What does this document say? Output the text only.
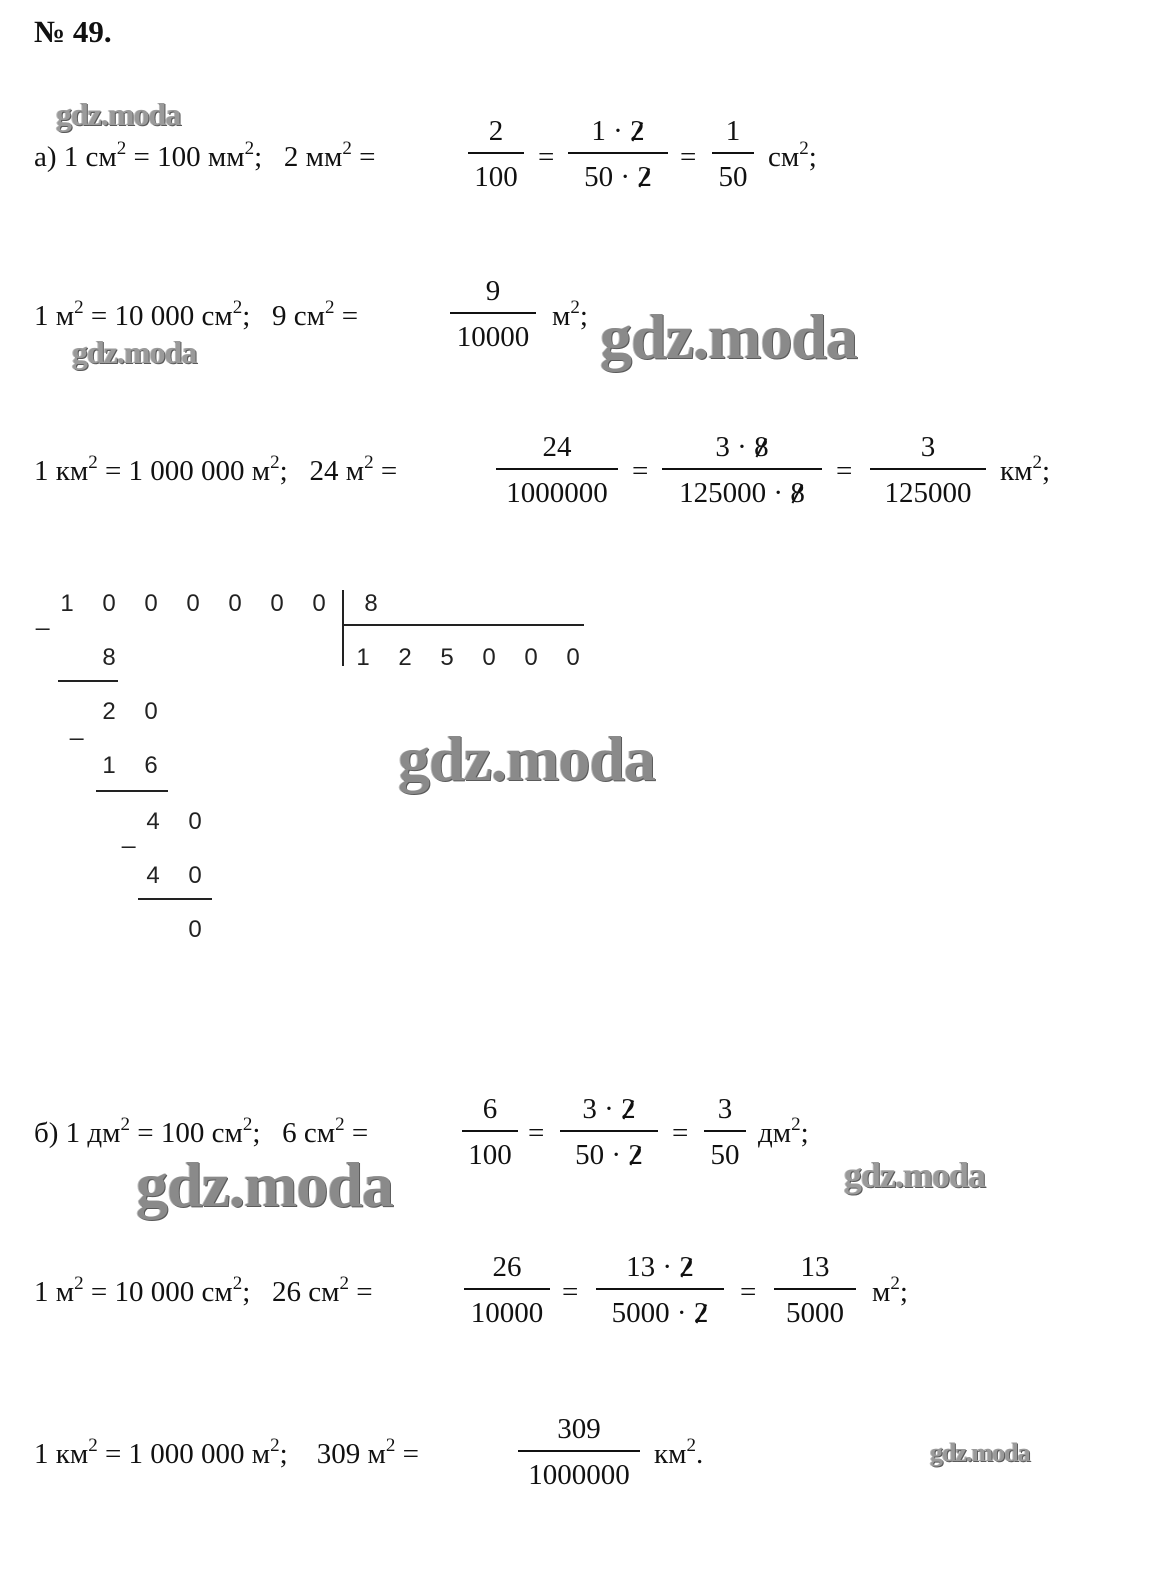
№ 49.
gdz.moda
gdz.moda	gdz.moda
gdz.moda
gdz.moda	gdz.moda
gdz.moda
а) 1 $см^2 = 100$ $мм^2$;   2 $мм^2$ =
2
100
=
1 · 2
50 · 2
=
1
50
$см^2$;
1 $м^2 = 10$ 000 $см^2$;   9 $см^2$ =
9
10000
$м^2$;
1 $км^2 = 1$ 000 000 $м^2$;   24 $м^2$ =
24
1000000
=
3 · 8
125000 · 8
=
3
125000
$км^2$;
1 0 0 0 0 0 0	8
1 2 5 0 0 0
_
8
_
2 0
1 6
_
4 0
4 0
0
б) 1 $дм^2 = 100$ $см^2$;   6 $см^2$ =
6
100
=
3 · 2
50 · 2
=
3
50
$дм^2$;
1 $м^2 = 10$ 000 $см^2$;   26 $см^2$ =
26
10000
=
13 · 2
5000 · 2
=
13
5000
$м^2$;
1 $км^2 = 1$ 000 000 $м^2$;    309 $м^2$ =
309
1000000
$км^2$.
